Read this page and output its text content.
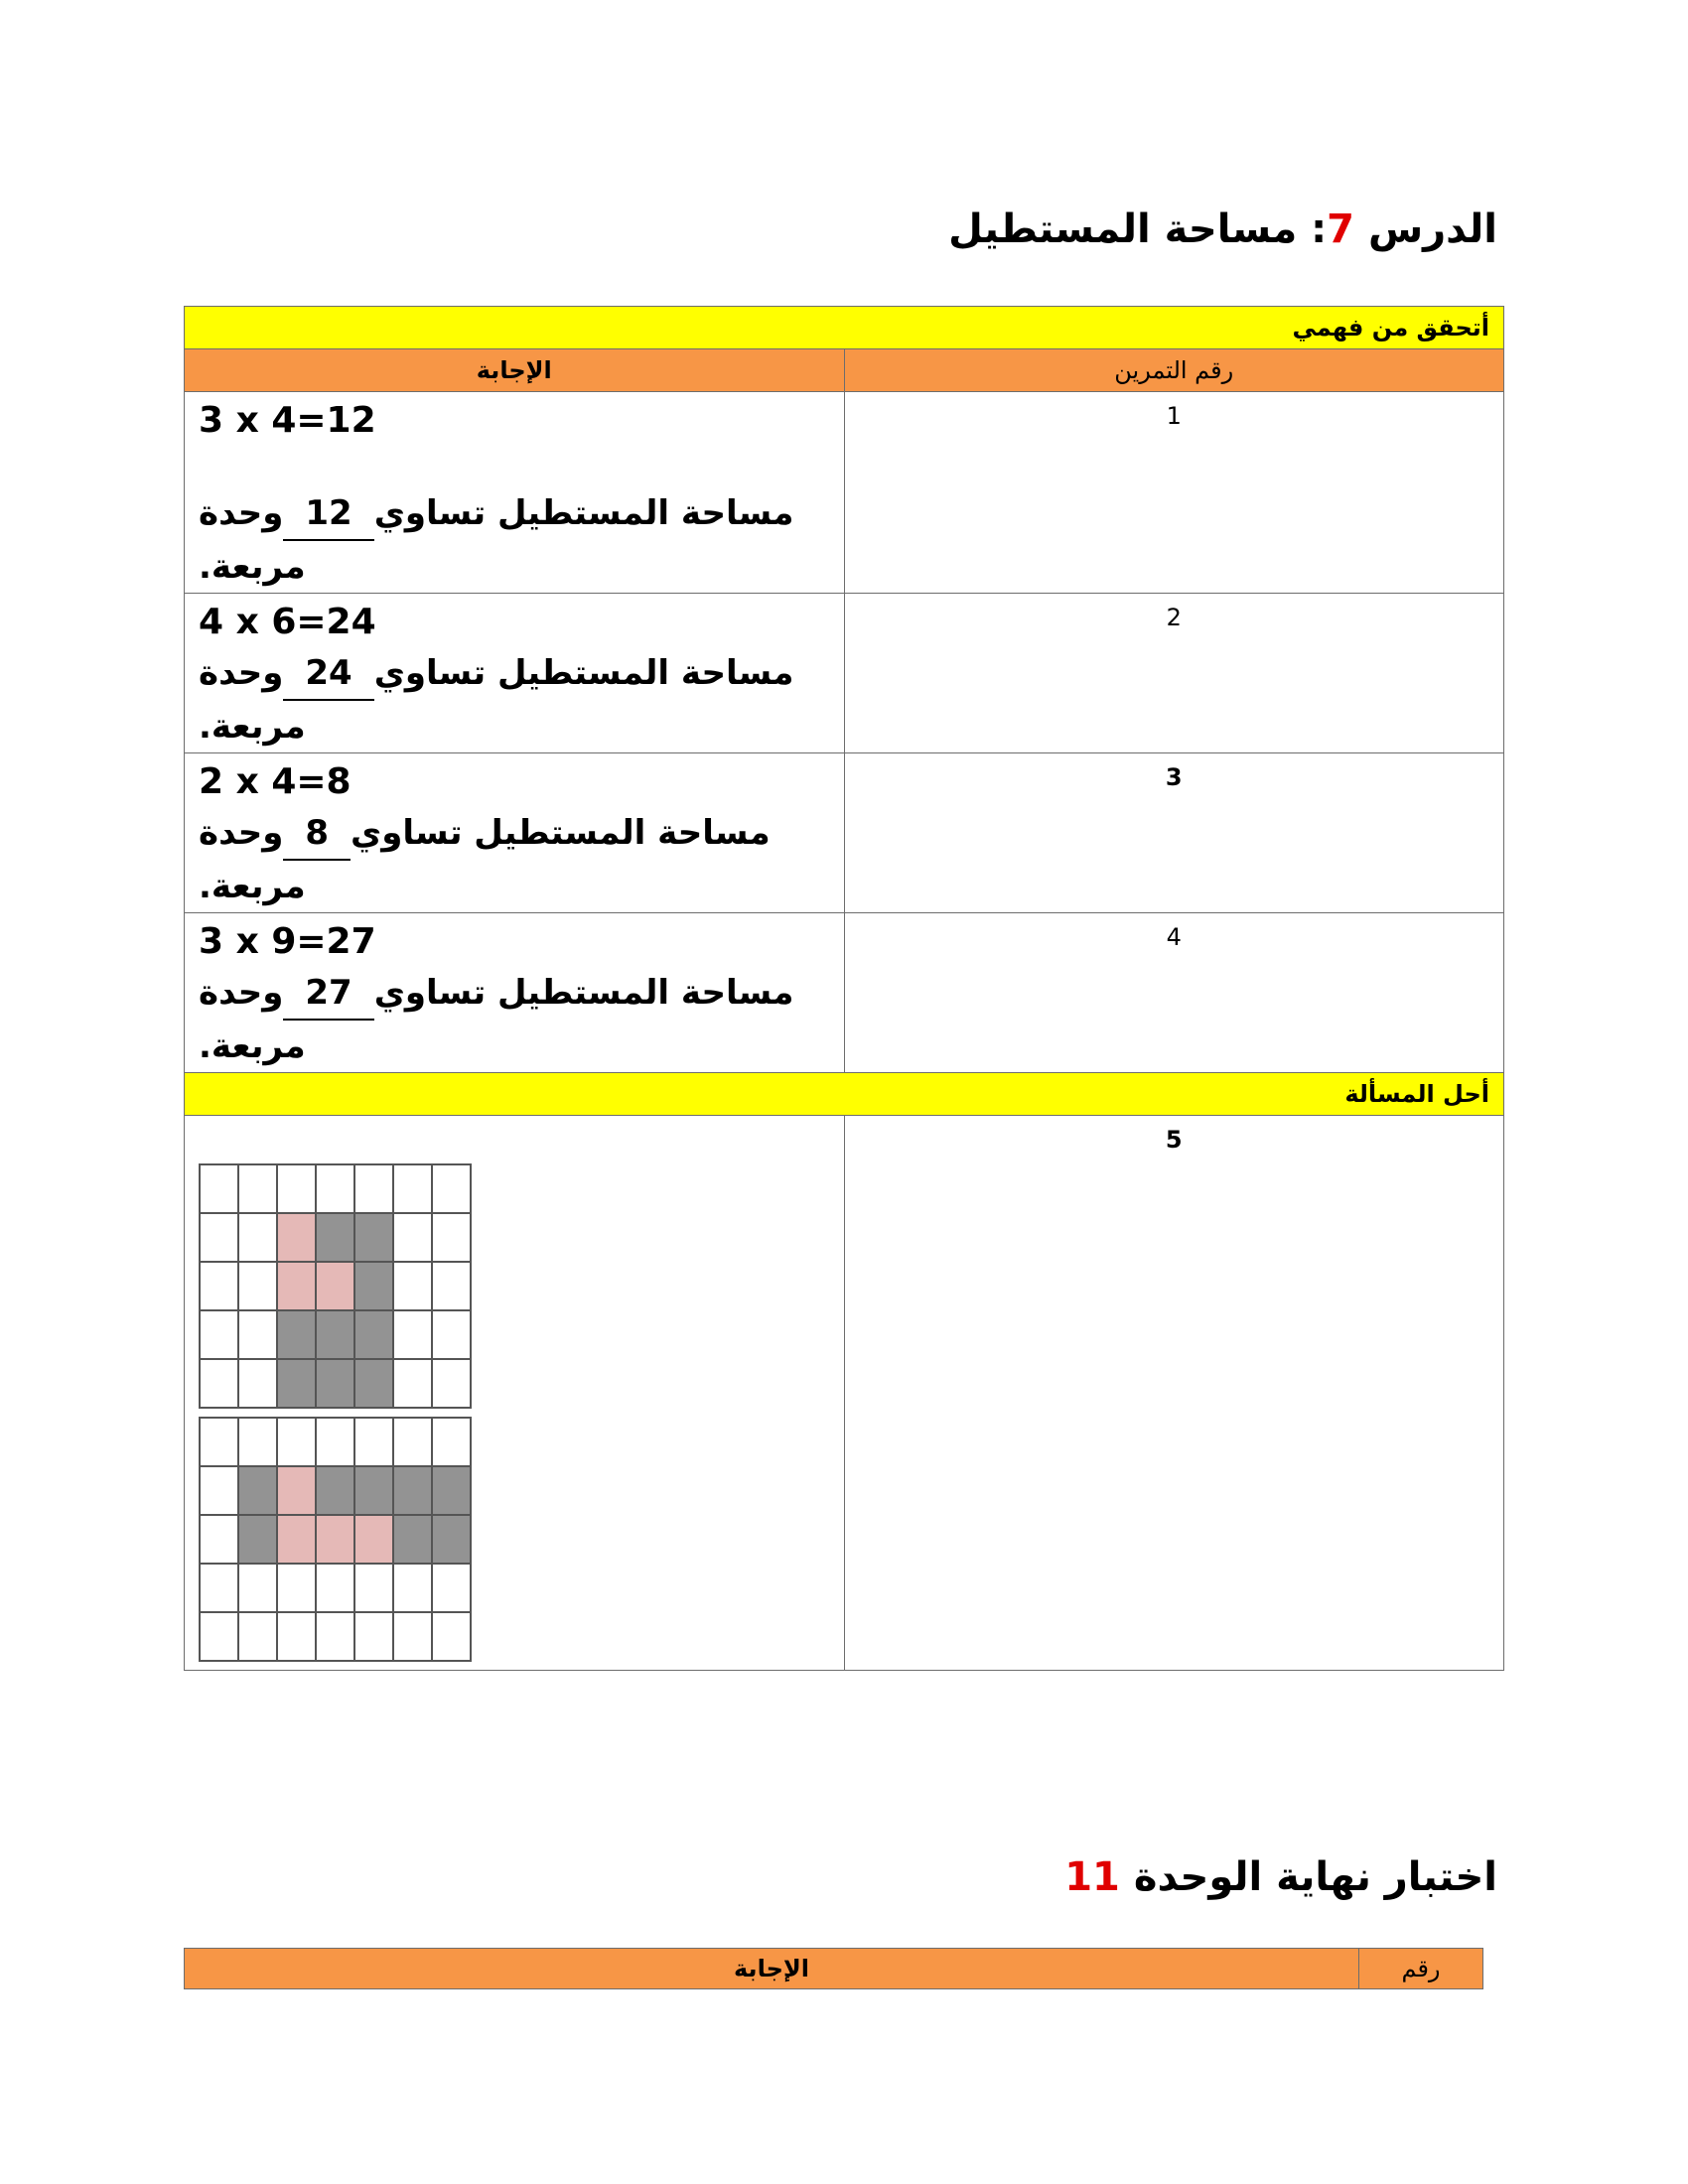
الدرس 7: مساحة المستطيل
أتحقق من فهمي	
الإجابة	رقم التمرين

3 x 4=12
مساحة المستطيل تساوي12وحدة مربعة.	1

4 x 6=24
مساحة المستطيل تساوي24وحدة مربعة.	2

2 x 4=8
مساحة المستطيل تساوي8وحدة مربعة.	3

3 x 9=27
مساحة المستطيل تساوي27وحدة مربعة.	4
أحل المسألة	

	5
اختبار نهاية الوحدة 11
الإجابة	رقم
